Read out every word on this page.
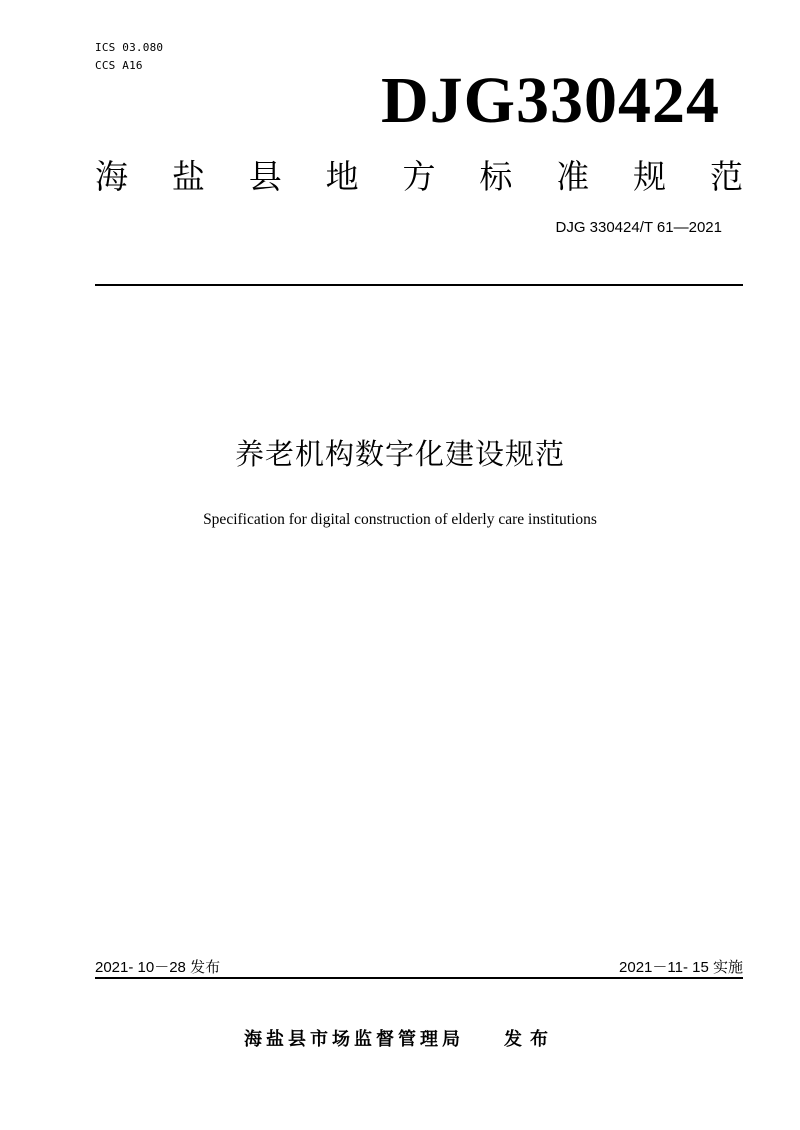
ICS 03.080
CCS A16	DJG330424
海 盐 县 地 方 标 准 规 范
DJG 330424/T 61—2021
养老机构数字化建设规范
Specification for digital construction of elderly care institutions
2021- 10－28 发布	2021－11- 15 实施
海盐县市场监督管理局 发布
